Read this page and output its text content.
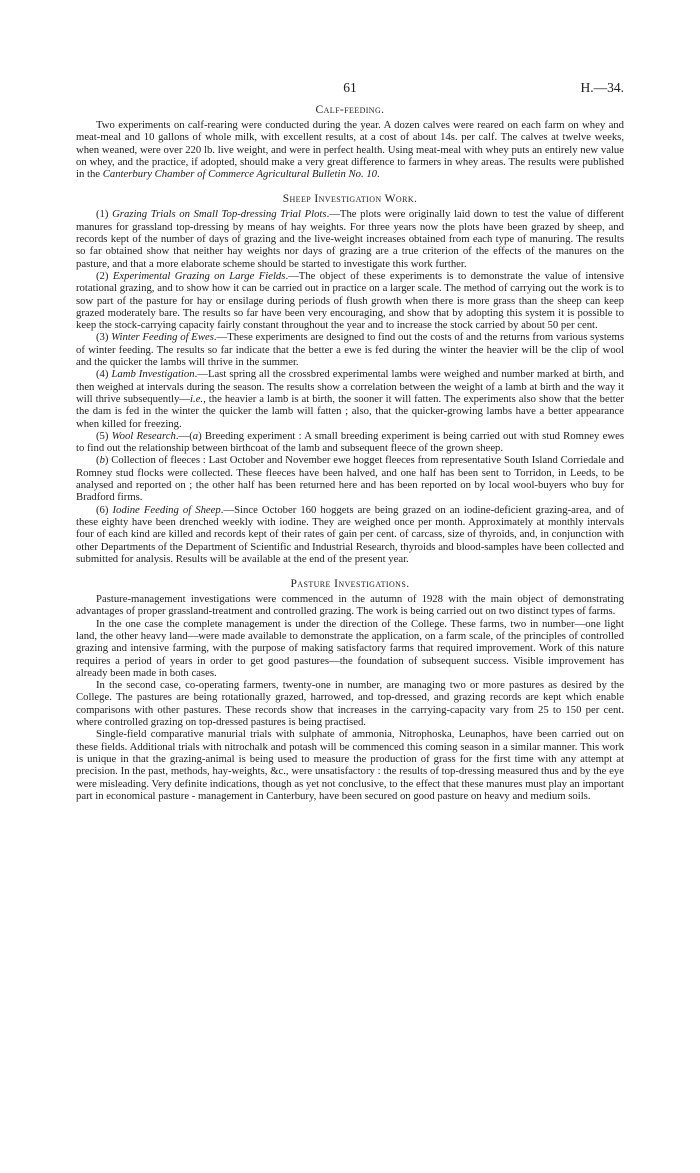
61	H.—34.
Calf-feeding.

Two experiments on calf-rearing were conducted during the year. A dozen calves were reared on each farm on whey and meat-meal and 10 gallons of whole milk, with excellent results, at a cost of about 14s. per calf. The calves at twelve weeks, when weaned, were over 220 lb. live weight, and were in perfect health. Using meat-meal with whey puts an entirely new value on whey, and the practice, if adopted, should make a very great difference to farmers in whey areas. The results were published in the Canterbury Chamber of Commerce Agricultural Bulletin No. 10.

Sheep Investigation Work.

(1) Grazing Trials on Small Top-dressing Trial Plots.—The plots were originally laid down to test the value of different manures for grassland top-dressing by means of hay weights. For three years now the plots have been grazed by sheep, and records kept of the number of days of grazing and the live-weight increases obtained from each type of manuring. The results so far obtained show that neither hay weights nor days of grazing are a true criterion of the effects of the manures on the pasture, and that a more elaborate scheme should be started to investigate this work further.

(2) Experimental Grazing on Large Fields.—The object of these experiments is to demonstrate the value of intensive rotational grazing, and to show how it can be carried out in practice on a larger scale. The method of carrying out the work is to sow part of the pasture for hay or ensilage during periods of flush growth when there is more grass than the sheep can keep grazed moderately bare. The results so far have been very encouraging, and show that by adopting this system it is possible to keep the stock-carrying capacity fairly constant throughout the year and to increase the stock carried by about 50 per cent.

(3) Winter Feeding of Ewes.—These experiments are designed to find out the costs of and the returns from various systems of winter feeding. The results so far indicate that the better a ewe is fed during the winter the heavier will be the clip of wool and the quicker the lambs will thrive in the summer.

(4) Lamb Investigation.—Last spring all the crossbred experimental lambs were weighed and number marked at birth, and then weighed at intervals during the season. The results show a correlation between the weight of a lamb at birth and the way it will thrive subsequently—i.e., the heavier a lamb is at birth, the sooner it will fatten. The experiments also show that the better the dam is fed in the winter the quicker the lamb will fatten ; also, that the quicker-growing lambs have a better appearance when killed for freezing.

(5) Wool Research.—(a) Breeding experiment : A small breeding experiment is being carried out with stud Romney ewes to find out the relationship between birthcoat of the lamb and subsequent fleece of the grown sheep.

(b) Collection of fleeces : Last October and November ewe hogget fleeces from representative South Island Corriedale and Romney stud flocks were collected. These fleeces have been halved, and one half has been sent to Torridon, in Leeds, to be analysed and reported on ; the other half has been returned here and has been reported on by local wool-buyers who buy for Bradford firms.

(6) Iodine Feeding of Sheep.—Since October 160 hoggets are being grazed on an iodine-deficient grazing-area, and of these eighty have been drenched weekly with iodine. They are weighed once per month. Approximately at monthly intervals four of each kind are killed and records kept of their rates of gain per cent. of carcass, size of thyroids, and, in conjunction with other Departments of the Department of Scientific and Industrial Research, thyroids and blood-samples have been collected and submitted for analysis. Results will be available at the end of the present year.

Pasture Investigations.

Pasture-management investigations were commenced in the autumn of 1928 with the main object of demonstrating advantages of proper grassland-treatment and controlled grazing. The work is being carried out on two distinct types of farms.

In the one case the complete management is under the direction of the College. These farms, two in number—one light land, the other heavy land—were made available to demonstrate the application, on a farm scale, of the principles of controlled grazing and intensive farming, with the purpose of making satisfactory farms that required improvement. Work of this nature requires a period of years in order to get good pastures—the foundation of subsequent success. Visible improvement has already been made in both cases.

In the second case, co-operating farmers, twenty-one in number, are managing two or more pastures as desired by the College. The pastures are being rotationally grazed, harrowed, and top-dressed, and grazing records are kept which enable comparisons with other pastures. These records show that increases in the carrying-capacity vary from 25 to 150 per cent. where controlled grazing on top-dressed pastures is being practised.

Single-field comparative manurial trials with sulphate of ammonia, Nitrophoska, Leunaphos, have been carried out on these fields. Additional trials with nitrochalk and potash will be commenced this coming season in a similar manner. This work is unique in that the grazing-animal is being used to measure the production of grass for the first time with any attempt at precision. In the past, methods, hay-weights, &c., were unsatisfactory : the results of top-dressing measured thus and by the eye were misleading. Very definite indications, though as yet not conclusive, to the effect that these manures must play an important part in economical pasture - management in Canterbury, have been secured on good pasture on heavy and medium soils.
